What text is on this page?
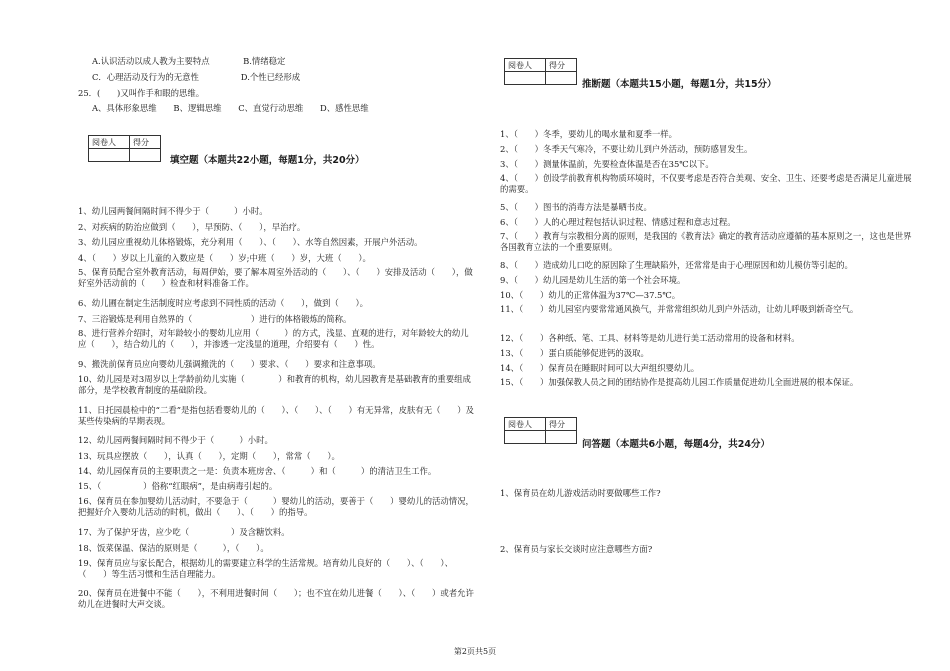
A.认识活动以成人教为主要特点　　　　B.情绪稳定
C．心理活动及行为的无意性　　　　　D.个性已经形成
25．(　　)又叫作手和眼的思维。
A、具体形象思维　　B、逻辑思维　　C、直觉行动思维　　D、感性思维
阅卷人	得分

填空题（本题共22小题，每题1分，共20分）
1、幼儿园两餐间隔时间不得少于（　　　）小时。
2、对疾病的防治应做到（　　），早预防、（　　），早治疗。
3、幼儿园应重视幼儿体格锻炼，充分利用（　　）、（　　）、水等自然因素，开展户外活动。
4、（　　）岁以上儿童的入数应是（　　）岁;中班（　　）岁，大班（　　）。
5、保育员配合室外教育活动，每周伊始，要了解本周室外活动的（　　）、（　　）安排及活动（　　），做好室外活动前的（　　）检查和材料准备工作。
6、幼儿圃在制定生活制度时应考虑到不同性质的活动（　　），做到（　　）。
7、三浴锻炼是利用自然界的（　　　　　　　）进行的体格锻炼的简称。
8、进行营养介绍时，对年龄较小的婴幼儿应用（　　　）的方式，浅显、直观的进行，对年龄较大的幼儿应（　　），结合幼儿的（　　），并渗透一定浅显的道理，介绍要有（　　）性。
9、搬洗前保育员应向婴幼儿强调搬洗的（　　）要求、（　　）要求和注意事项。
10、幼儿园是对3周岁以上学龄前幼儿实施（　　　　）和教育的机构，幼儿园教育是基础教育的重要组成部分，是学校教育制度的基础阶段。
11、日托园晨检中的“二看”是指包括看婴幼儿的（　　）、（　　）、（　　）有无异常，皮肤有无（　　）及某些传染病的早期表现。
12、幼儿园两餐间隔时间不得少于（　　　）小时。
13、玩具应摆放（　　），认真（　　），定期（　　），常常（　　）。
14、幼儿园保育员的主要职责之一是：负责本班房舍、（　　　）和（　　　）的清洁卫生工作。
15、（　　　　　）俗称“红眼病”，是由病毒引起的。
16、保育员在参加婴幼儿活动时，不要急于（　　　）婴幼儿的活动，要善于（　　）婴幼儿的活动情况，把握好介入婴幼儿活动的时机，做出（　　）、（　　）的指导。
17、为了保护牙齿，应少吃（　　　　　）及含糖饮料。
18、饭菜保温、保洁的原则是（　　　），（　　）。
19、保育员应与家长配合，根据幼儿的需要建立科学的生活常规。培育幼儿良好的（　　）、（　　）、（　　）等生活习惯和生活自理能力。
20、保育员在进餐中不能（　　），不利用进餐时间（　　）；也不宜在幼儿进餐（　　）、（　　）或者允许幼儿在进餐时大声交谈。
阅卷人	得分

推断题（本题共15小题，每题1分，共15分）
1、（　　）冬季，要幼儿的喝水量和夏季一样。
2、（　　）冬季天气寒冷，不要让幼儿到户外活动，预防感冒发生。
3、（　　）测量体温前，先要检查体温是否在35℃以下。
4、（　　）创设学前教育机构物质环境时，不仅要考虑是否符合美观、安全、卫生、还要考虑是否满足儿童进展的需要。
5、（　　）图书的消毒方法是暴晒书皮。
6、（　　）人的心理过程包括认识过程、情感过程和意志过程。
7、（　　）教育与宗教相分离的原则，是我国的《教育法》确定的教育活动应遵循的基本原则之一，这也是世界各国教育立法的一个重要原则。
8、（　　）造成幼儿口吃的原因除了生理缺陷外，还常常是由于心理原因和幼儿模仿等引起的。
9、（　　）幼儿园是幼儿生活的第一个社会环境。
10、（　　）幼儿的正常体温为37℃—37.5℃。
11、（　　）幼儿园室内要常常通风换气，并常常组织幼儿到户外活动，让幼儿呼吸到新奇空气。
12、（　　）各种纸、笔、工具、材料等是幼儿进行美工活动常用的设备和材料。
13、（　　）蛋白质能够促进钙的汲取。
14、（　　）保育员在睡眠时间可以大声组织婴幼儿。
15、（　　）加强保教人员之间的团结协作是提高幼儿园工作质量促进幼儿全面进展的根本保证。
阅卷人	得分

问答题（本题共6小题，每题4分，共24分）
1、保育员在幼儿游戏活动时要做哪些工作?
2、保育员与家长交谈时应注意哪些方面?
第2页共5页
